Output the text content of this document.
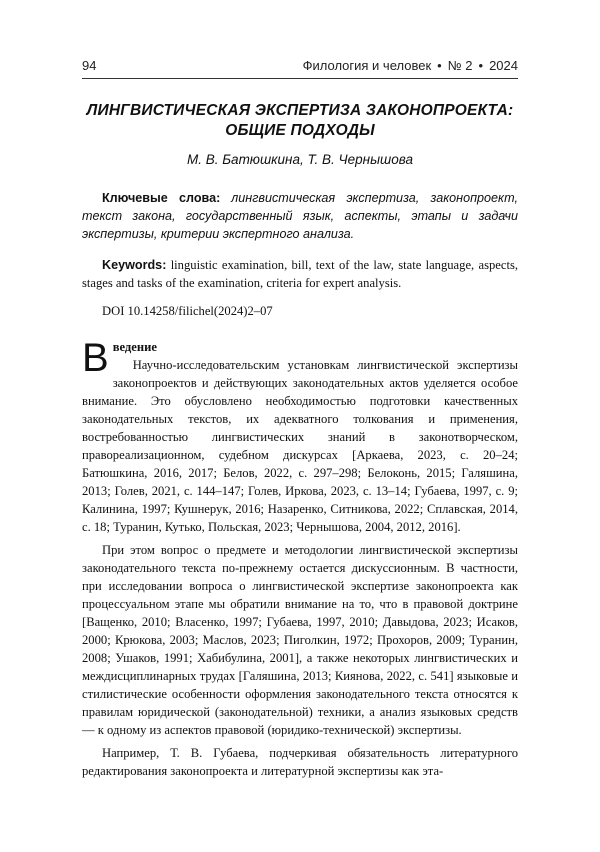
94	Филология и человек • № 2 • 2024
ЛИНГВИСТИЧЕСКАЯ ЭКСПЕРТИЗА ЗАКОНОПРОЕКТА:
ОБЩИЕ ПОДХОДЫ
М. В. Батюшкина, Т. В. Чернышова

Ключевые слова: лингвистическая экспертиза, законопроект, текст закона, государственный язык, аспекты, этапы и задачи экспертизы, критерии экспертного анализа.

Keywords: linguistic examination, bill, text of the law, state language, aspects, stages and tasks of the examination, criteria for expert analysis.

DOI 10.14258/filichel(2024)2–07
В ведение

Научно-исследовательским установкам лингвистической экспертизы законопроектов и действующих законодательных актов уделяется особое внимание. Это обусловлено необходимостью подготовки качественных законодательных текстов, их адекватного толкования и применения, востребованностью лингвистических знаний в законотворческом, правореализационном, судебном дискурсах [Аркаева, 2023, с. 20–24; Батюшкина, 2016, 2017; Белов, 2022, с. 297–298; Белоконь, 2015; Галяшина, 2013; Голев, 2021, с. 144–147; Голев, Иркова, 2023, с. 13–14; Губаева, 1997, с. 9; Калинина, 1997; Кушнерук, 2016; Назаренко, Ситникова, 2022; Сплавская, 2014, с. 18; Туранин, Кутько, Польская, 2023; Чернышова, 2004, 2012, 2016].

При этом вопрос о предмете и методологии лингвистической экспертизы законодательного текста по-прежнему остается дискуссионным. В частности, при исследовании вопроса о лингвистической экспертизе законопроекта как процессуальном этапе мы обратили внимание на то, что в правовой доктрине [Ващенко, 2010; Власенко, 1997; Губаева, 1997, 2010; Давыдова, 2023; Исаков, 2000; Крюкова, 2003; Маслов, 2023; Пиголкин, 1972; Прохоров, 2009; Туранин, 2008; Ушаков, 1991; Хабибулина, 2001], а также некоторых лингвистических и междисциплинарных трудах [Галяшина, 2013; Киянова, 2022, с. 541] языковые и стилистические особенности оформления законодательного текста относятся к правилам юридической (законодательной) техники, а анализ языковых средств — к одному из аспектов правовой (юридико-технической) экспертизы.

Например, Т. В. Губаева, подчеркивая обязательность литературного редактирования законопроекта и литературной экспертизы как эта-
